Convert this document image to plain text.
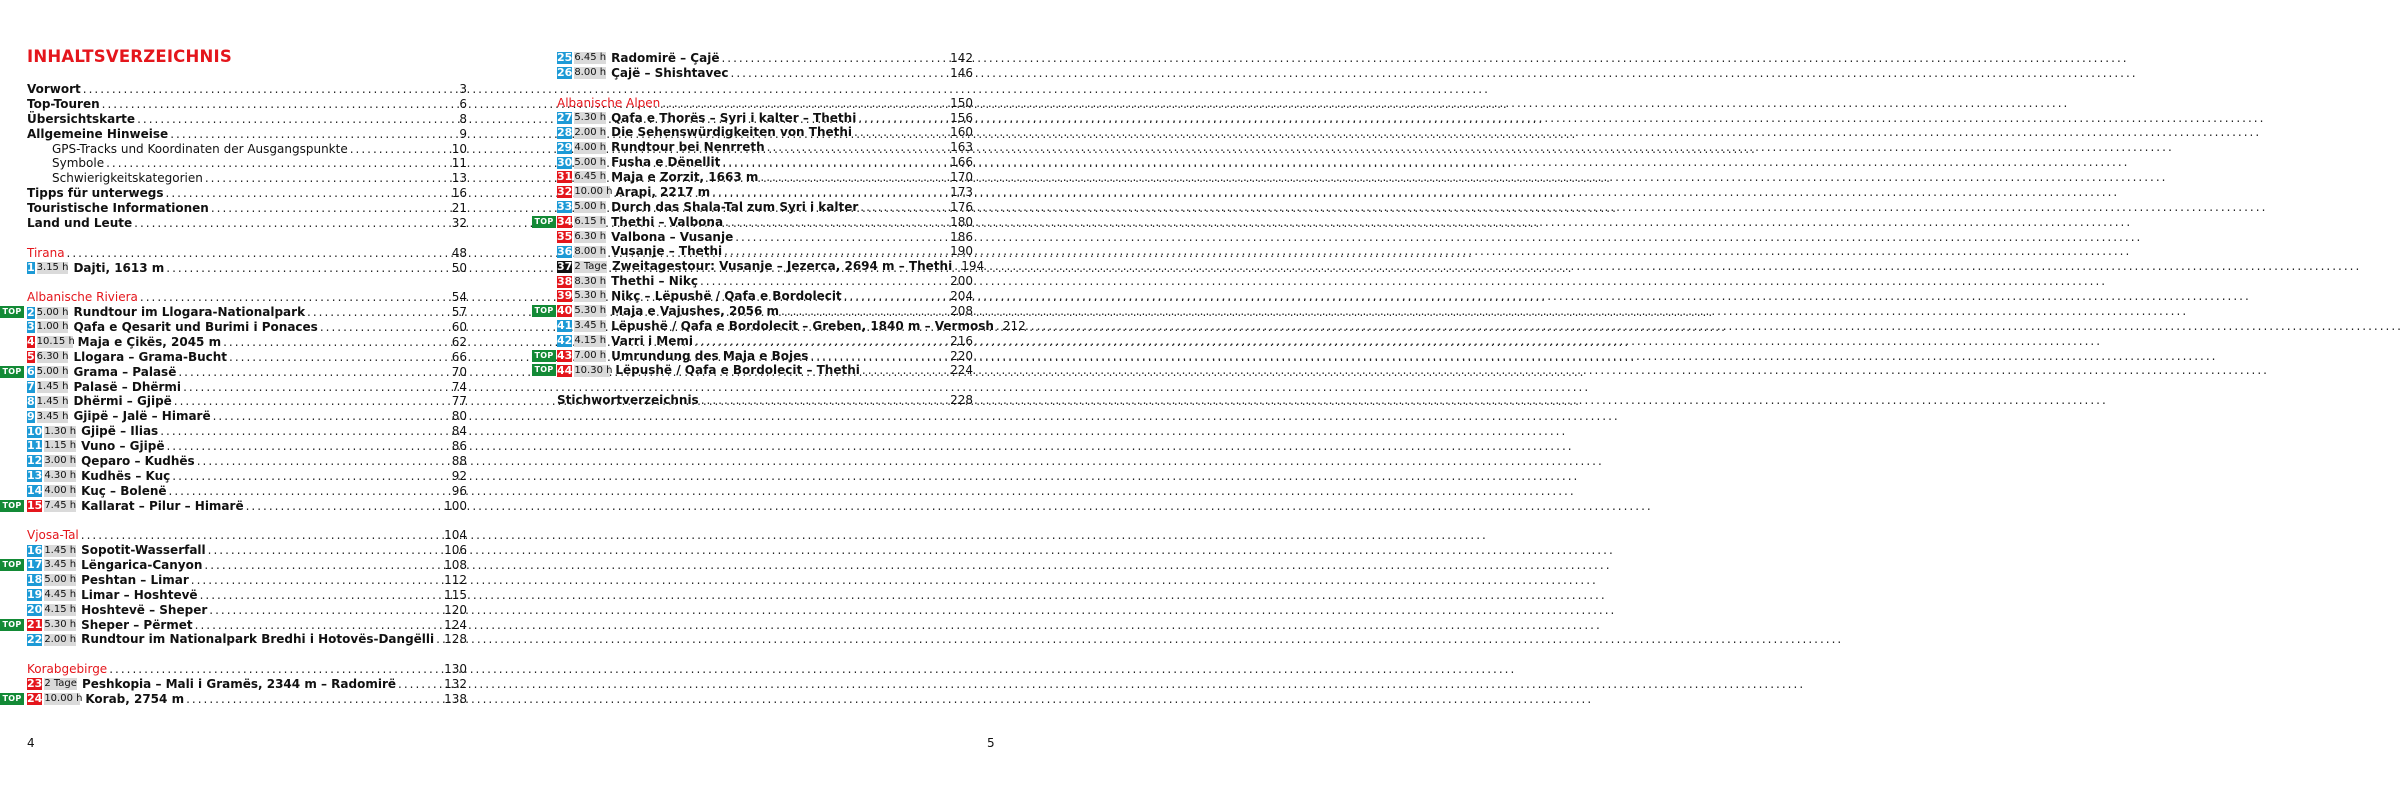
INHALTSVERZEICHNIS
Vorwort .....	3
Top-Touren .....	6
Übersichtskarte .....	8
Allgemeine Hinweise .....	9
GPS-Tracks und Koordinaten der Ausgangspunkte .....	10
Symbole .....	11
Schwierigkeitskategorien .....	13
Tipps für unterwegs .....	16
Touristische Informationen .....	21
Land und Leute .....	32
Tirana .....	48
1 3.15 h Dajti, 1613 m .....	50
Albanische Riviera .....	54
TOP 2 5.00 h Rundtour im Llogara-Nationalpark .....	57
3 1.00 h Qafa e Qesarit und Burimi i Ponaces .....	60
4 10.15 h Maja e Çikës, 2045 m .....	62
5 6.30 h Llogara – Grama-Bucht .....	66
TOP 6 5.00 h Grama – Palasë .....	70
7 1.45 h Palasë – Dhërmi .....	74
8 1.45 h Dhërmi – Gjipë .....	77
9 3.45 h Gjipë – Jalë – Himarë .....	80
10 1.30 h Gjipë – Ilias .....	84
11 1.15 h Vuno – Gjipë .....	86
12 3.00 h Qeparo – Kudhës .....	88
13 4.30 h Kudhës – Kuç .....	92
14 4.00 h Kuç – Bolenë .....	96
TOP 15 7.45 h Kallarat – Pilur – Himarë .....	100
Vjosa-Tal .....	104
16 1.45 h Sopotit-Wasserfall .....	106
TOP 17 3.45 h Lëngarica-Canyon .....	108
18 5.00 h Peshtan – Limar .....	112
19 4.45 h Limar – Hoshtevë .....	115
20 4.15 h Hoshtevë – Sheper .....	120
TOP 21 5.30 h Sheper – Përmet .....	124
22 2.00 h Rundtour im Nationalpark Bredhi i Hotovës-Dangëlli ..... 128
Korabgebirge .....	130
23 2 Tage Peshkopia – Mali i Gramës, 2344 m – Radomirë .....	132
TOP 24 10.00 h Korab, 2754 m .....	138
4
25 6.45 h Radomirë – Çajë .....	142
26 8.00 h Çajë – Shishtavec .....	146
Albanische Alpen .....	150
27 5.30 h Qafa e Thorës – Syri i kalter – Thethi .....	156
28 2.00 h Die Sehenswürdigkeiten von Thethi .....	160
29 4.00 h Rundtour bei Nenrreth .....	163
30 5.00 h Fusha e Dënellit .....	166
31 6.45 h Maja e Zorzit, 1663 m .....	170
32 10.00 h Arapi, 2217 m .....	173
33 5.00 h Durch das Shala-Tal zum Syri i kalter .....	176
TOP 34 6.15 h Thethi – Valbona .....	180
35 6.30 h Valbona – Vusanje .....	186
36 8.00 h Vusanje – Thethi .....	190
37 2 Tage Zweitagestour: Vusanje – Jezerca, 2694 m – Thethi ..... 194
38 8.30 h Thethi – Nikç .....	200
39 5.30 h Nikç – Lëpushë / Qafa e Bordolecit .....	204
TOP 40 5.30 h Maja e Vajushes, 2056 m .....	208
41 3.45 h Lëpushë / Qafa e Bordolecit – Greben, 1840 m – Vermosh ..... 212
42 4.15 h Varri i Memi .....	216
TOP 43 7.00 h Umrundung des Maja e Bojes .....	220
TOP 44 10.30 h Lëpushë / Qafa e Bordolecit – Thethi .....	224
Stichwortverzeichnis .....	228
5
